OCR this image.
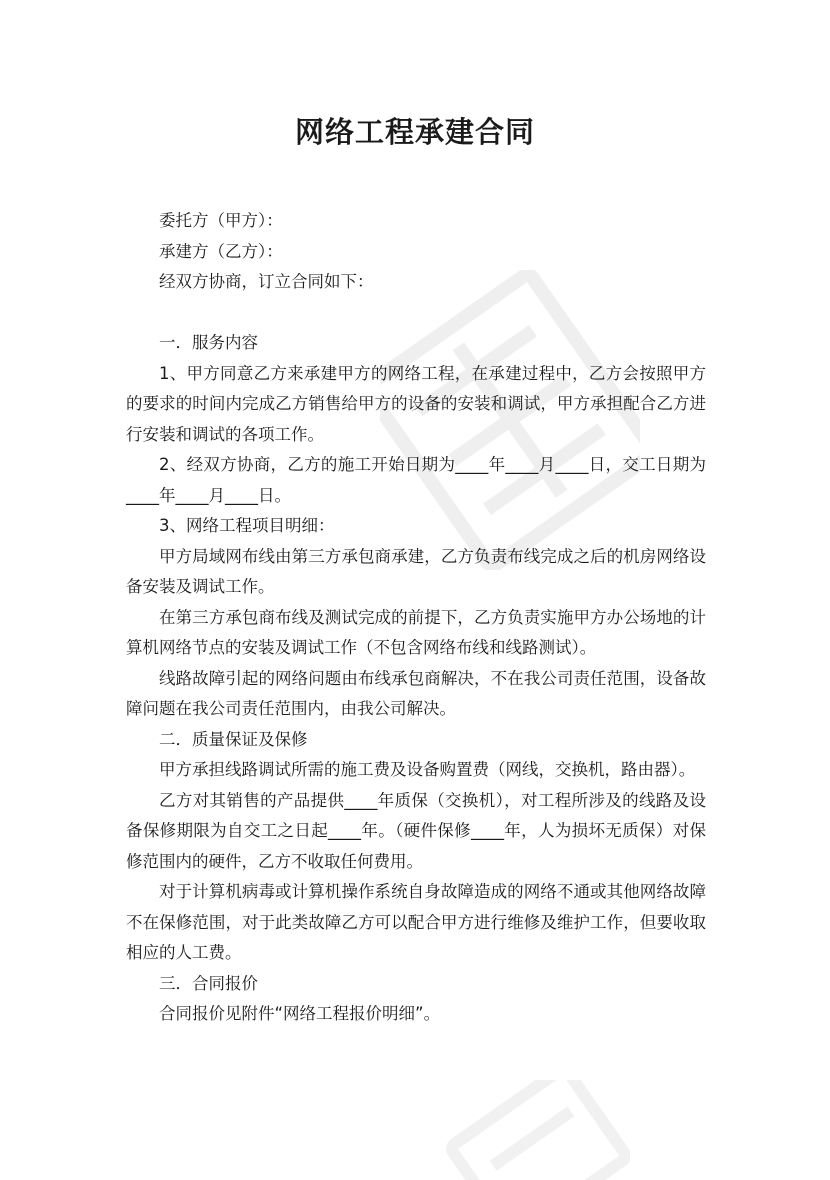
网络工程承建合同

委托方（甲方）：

承建方（乙方）：

经双方协商，订立合同如下：

一．服务内容

1、甲方同意乙方来承建甲方的网络工程，在承建过程中，乙方会按照甲方的要求的时间内完成乙方销售给甲方的设备的安装和调试，甲方承担配合乙方进行安装和调试的各项工作。

2、经双方协商，乙方的施工开始日期为____年____月____日，交工日期为____年____月____日。

3、网络工程项目明细：

甲方局域网布线由第三方承包商承建，乙方负责布线完成之后的机房网络设备安装及调试工作。

在第三方承包商布线及测试完成的前提下，乙方负责实施甲方办公场地的计算机网络节点的安装及调试工作（不包含网络布线和线路测试）。

线路故障引起的网络问题由布线承包商解决，不在我公司责任范围，设备故障问题在我公司责任范围内，由我公司解决。

二．质量保证及保修

甲方承担线路调试所需的施工费及设备购置费（网线，交换机，路由器）。

乙方对其销售的产品提供____年质保（交换机），对工程所涉及的线路及设备保修期限为自交工之日起____年。（硬件保修____年，人为损坏无质保）对保修范围内的硬件，乙方不收取任何费用。

对于计算机病毒或计算机操作系统自身故障造成的网络不通或其他网络故障不在保修范围，对于此类故障乙方可以配合甲方进行维修及维护工作，但要收取相应的人工费。

三．合同报价

合同报价见附件“网络工程报价明细”。
